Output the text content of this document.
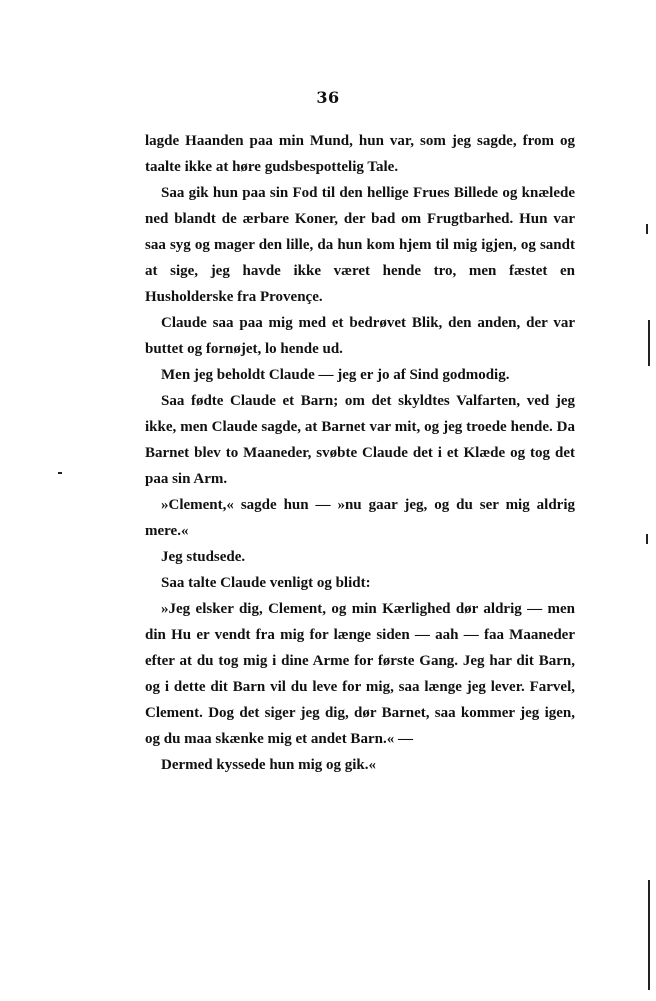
36

lagde Haanden paa min Mund, hun var, som jeg sagde, from og taalte ikke at høre gudsbespottelig Tale.

Saa gik hun paa sin Fod til den hellige Frues Billede og knælede ned blandt de ærbare Koner, der bad om Frugtbarhed. Hun var saa syg og mager den lille, da hun kom hjem til mig igjen, og sandt at sige, jeg havde ikke været hende tro, men fæstet en Husholderske fra Provençe.

Claude saa paa mig med et bedrøvet Blik, den anden, der var buttet og fornøjet, lo hende ud.

Men jeg beholdt Claude — jeg er jo af Sind godmodig.

Saa fødte Claude et Barn; om det skyldtes Valfarten, ved jeg ikke, men Claude sagde, at Barnet var mit, og jeg troede hende. Da Barnet blev to Maaneder, svøbte Claude det i et Klæde og tog det paa sin Arm.

»Clement,« sagde hun — »nu gaar jeg, og du ser mig aldrig mere.«

Jeg studsede.

Saa talte Claude venligt og blidt:

»Jeg elsker dig, Clement, og min Kærlighed dør aldrig — men din Hu er vendt fra mig for længe siden — aah — faa Maaneder efter at du tog mig i dine Arme for første Gang. Jeg har dit Barn, og i dette dit Barn vil du leve for mig, saa længe jeg lever. Farvel, Clement. Dog det siger jeg dig, dør Barnet, saa kommer jeg igen, og du maa skænke mig et andet Barn.« —

Dermed kyssede hun mig og gik.«
